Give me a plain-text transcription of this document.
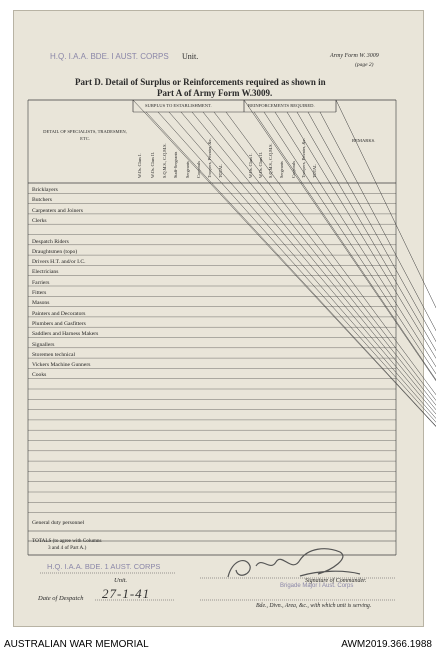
H.Q. I.A.A. BDE. I AUST. CORPS Unit.	Army Form W. 3009
(page 2)
Part D. Detail of Surplus or Reinforcements required as shown in
Part A of Army Form W.3009.
DETAIL OF SPECIALISTS, TRADESMEN, ETC.
SURPLUS TO ESTABLISHMENT.	REINFORCEMENTS REQUIRED.
REMARKS.
W.Os. Class I. W.Os. Class II. S.Q.M.S., C.Q.M.S. Staff-Sergeants Sergeants Corporals Troopers, Privates, &c. TOTAL	W.Os. Class I. W.Os. Class II. S.Q.M.S., C.Q.M.S. Sergeants Corporals Troopers, Privates, &c. TOTAL
Bricklayers
Butchers
Carpenters and Joiners
Clerks
Despatch Riders
Draughtsmen (topo)
Drivers H.T. and/or I.C.
Electricians
Farriers
Fitters
Masons
Painters and Decorators
Plumbers and Gasfitters
Saddlers and Harness Makers
Signallers
Storemen technical
Vickers Machine Gunners
Cooks
General duty personnel
TOTALS (to agree with Columns
3 and 4 of Part A.)
H.Q. I.A.A. BDE. 1 AUST. CORPS
Unit.
Date of Despatch 27-1-41
Signature of Commander.
Brigade Major I Aust. Corps
Bde., Divn., Area, &c., with which unit is serving.
AUSTRALIAN WAR MEMORIAL	AWM2019.366.1988
